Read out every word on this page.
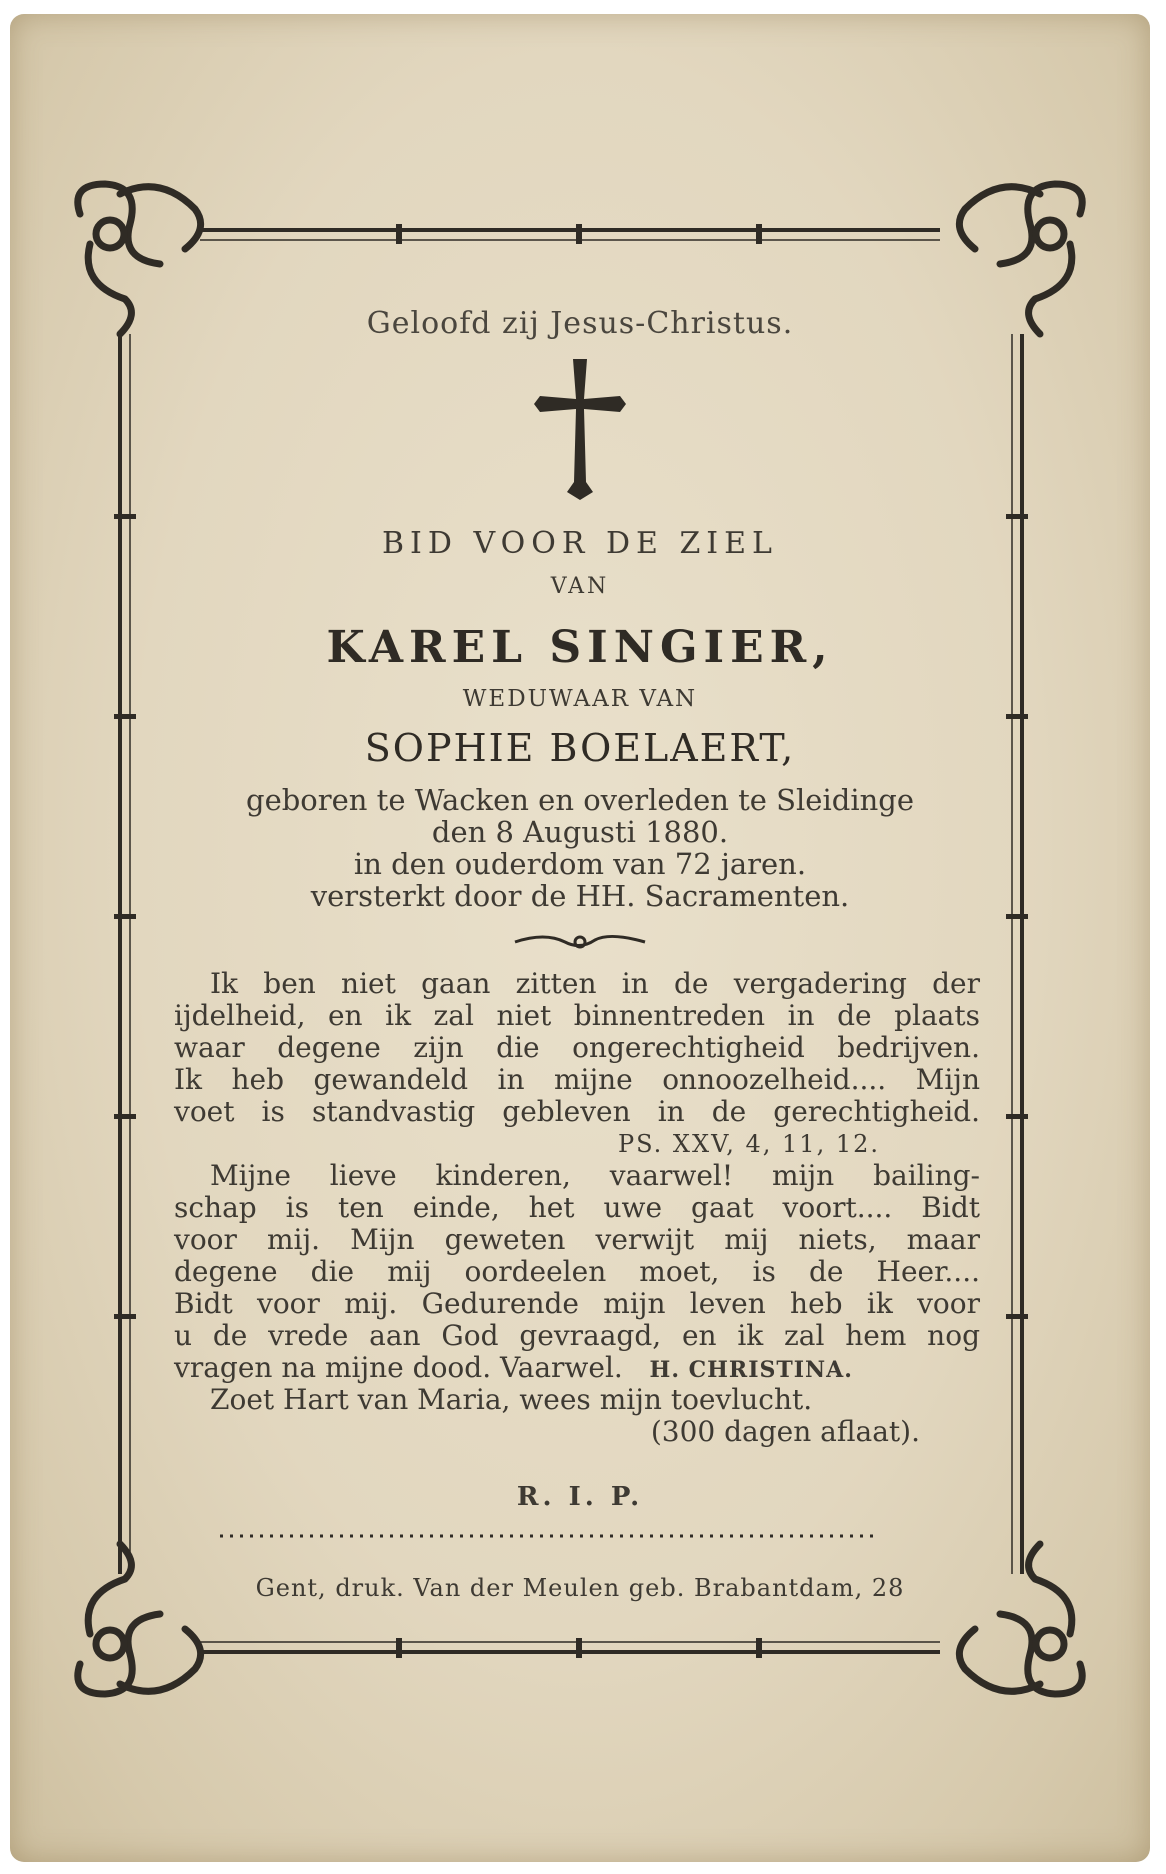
Geloofd zij Jesus-Christus.
BID VOOR DE ZIEL
VAN
KAREL SINGIER,
WEDUWAAR VAN
SOPHIE BOELAERT,
geboren te Wacken en overleden te Sleidinge
den 8 Augusti 1880.
in den ouderdom van 72 jaren.
versterkt door de HH. Sacramenten.
Ik ben niet gaan zitten in de vergadering der
ijdelheid, en ik zal niet binnentreden in de plaats
waar degene zijn die ongerechtigheid bedrijven.
Ik heb gewandeld in mijne onnoozelheid.... Mijn
voet is standvastig gebleven in de gerechtigheid.
PS. XXV, 4, 11, 12.
Mijne lieve kinderen, vaarwel! mijn bailing-
schap is ten einde, het uwe gaat voort.... Bidt
voor mij. Mijn geweten verwijt mij niets, maar
degene die mij oordeelen moet, is de Heer....
Bidt voor mij. Gedurende mijn leven heb ik voor
u de vrede aan God gevraagd, en ik zal hem nog
vragen na mijne dood. Vaarwel. H. CHRISTINA.
Zoet Hart van Maria, wees mijn toevlucht.
(300 dagen aflaat).
R. I. P.
Gent, druk. Van der Meulen geb. Brabantdam, 28
